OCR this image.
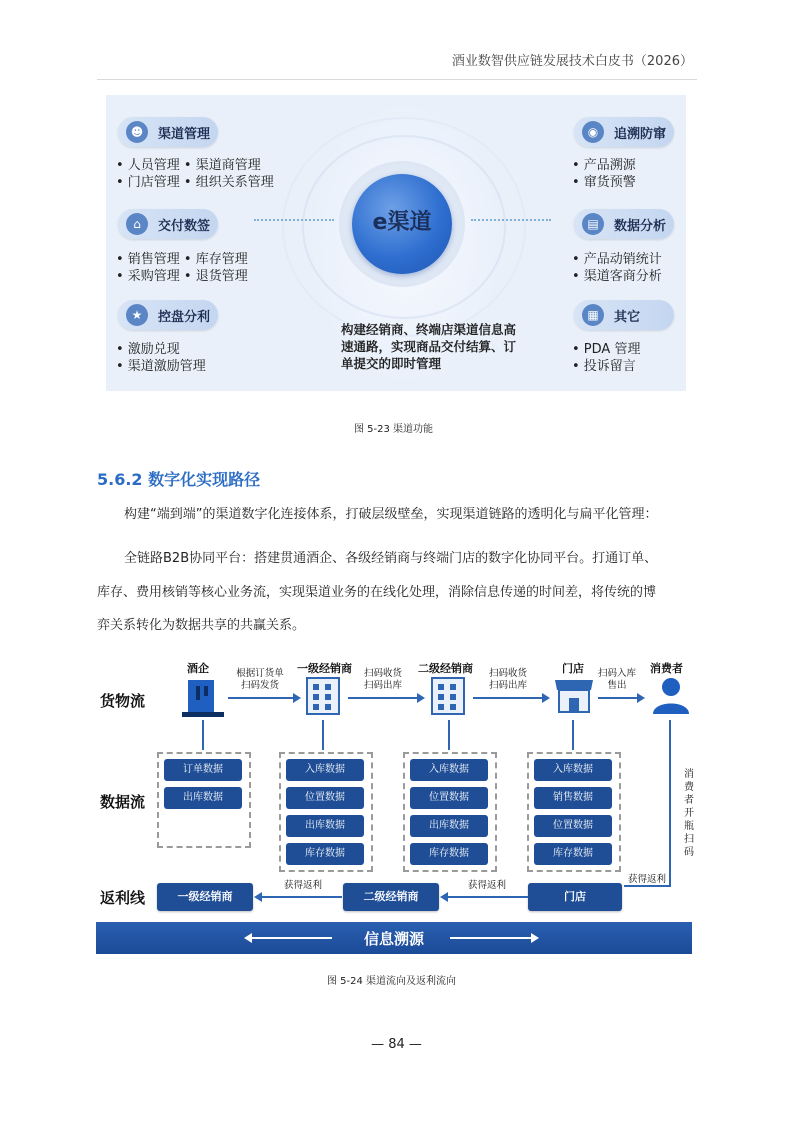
酒业数智供应链发展技术白皮书（2026）
e渠道
☻	渠道管理
• 人员管理 • 渠道商管理
• 门店管理 • 组织关系管理
⌂	交付数签
• 销售管理 • 库存管理
• 采购管理 • 退货管理
★	控盘分利
• 激励兑现
• 渠道激励管理
构建经销商、终端店渠道信息高速通路，实现商品交付结算、订单提交的即时管理
◉	追溯防窜
• 产品溯源
• 窜货预警
▤	数据分析
• 产品动销统计
• 渠道客商分析
▦	其它
• PDA 管理
• 投诉留言
图 5-23 渠道功能
5.6.2 数字化实现路径
构建“端到端”的渠道数字化连接体系，打破层级壁垒，实现渠道链路的透明化与扁平化管理：
全链路B2B协同平台：搭建贯通酒企、各级经销商与终端门店的数字化协同平台。打通订单、
库存、费用核销等核心业务流，实现渠道业务的在线化处理，消除信息传递的时间差，将传统的博
弈关系转化为数据共享的共赢关系。
货物流
数据流
返利线
酒企	一级经销商	二级经销商	门店	消费者
根据订货单
扫码发货
扫码收货
扫码出库
扫码收货
扫码出库
扫码入库
售出
消费者开瓶扫码
订单数据
出库数据
入库数据
位置数据
出库数据
库存数据
入库数据
位置数据
出库数据
库存数据
入库数据
销售数据
位置数据
库存数据
一级经销商	二级经销商	门店
获得返利	获得返利
获得返利
信息溯源
图 5-24 渠道流向及返利流向
— 84 —
